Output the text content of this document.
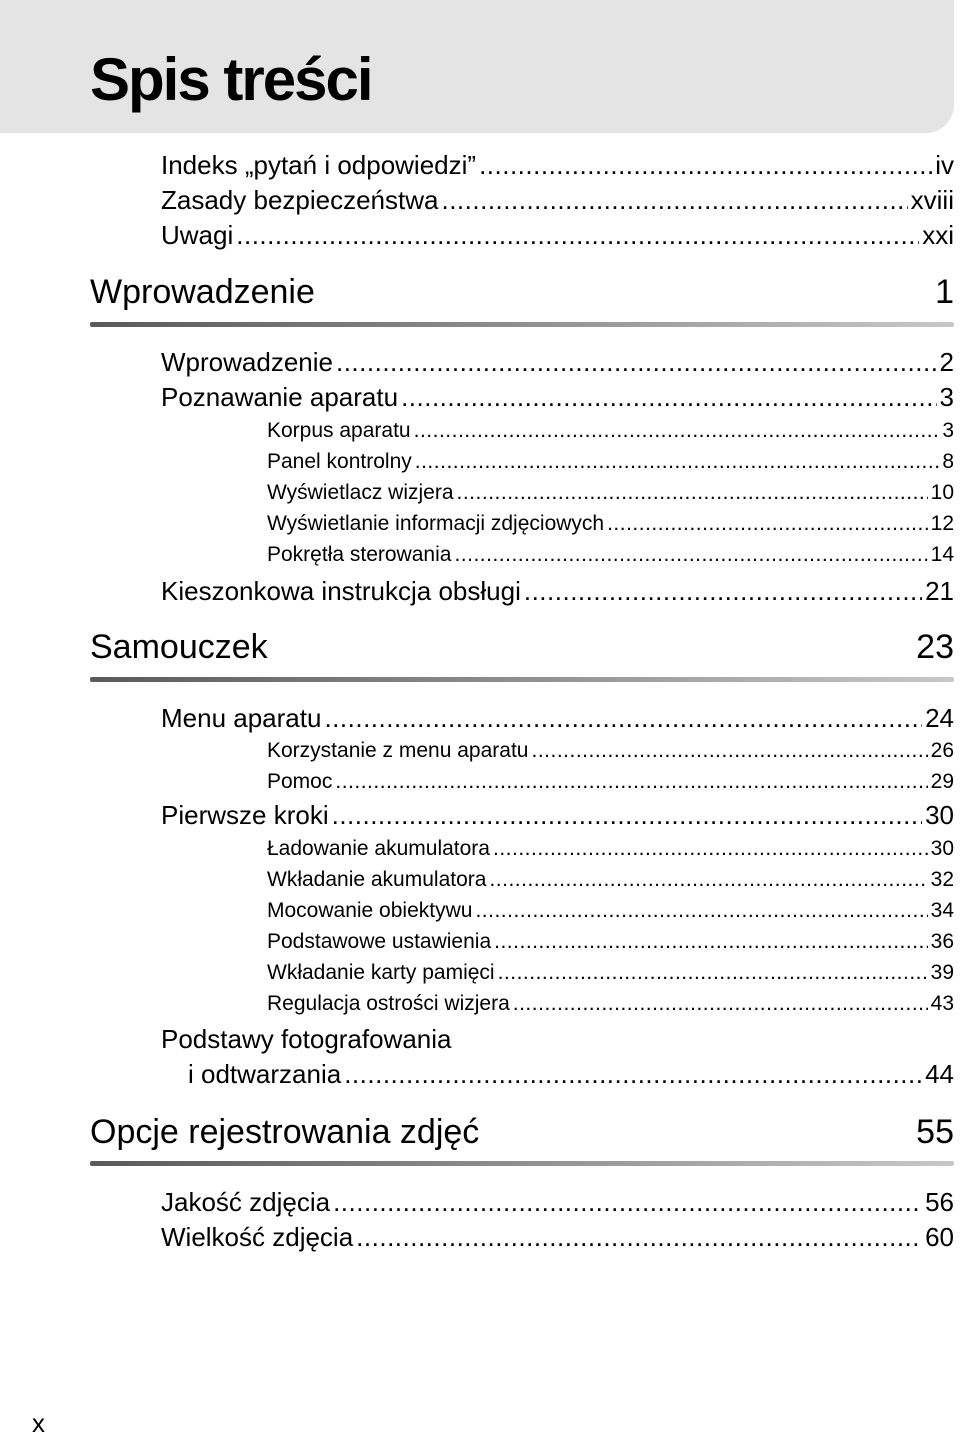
Spis treści
Indeks „pytań i odpowiedzi” .....	iv
Zasady bezpieczeństwa .....	xviii
Uwagi .....	xxi
Wprowadzenie	1
Wprowadzenie .....	2
Poznawanie aparatu .....	3
Korpus aparatu .....	3
Panel kontrolny .....	8
Wyświetlacz wizjera .....	10
Wyświetlanie informacji zdjęciowych .....	12
Pokrętła sterowania .....	14
Kieszonkowa instrukcja obsługi .....	21
Samouczek	23
Menu aparatu .....	24
Korzystanie z menu aparatu .....	26
Pomoc .....	29
Pierwsze kroki .....	30
Ładowanie akumulatora .....	30
Wkładanie akumulatora .....	32
Mocowanie obiektywu .....	34
Podstawowe ustawienia .....	36
Wkładanie karty pamięci .....	39
Regulacja ostrości wizjera .....	43
Podstawy fotografowania
i odtwarzania .....	44
Opcje rejestrowania zdjęć	55
Jakość zdjęcia .....	56
Wielkość zdjęcia .....	60
x
